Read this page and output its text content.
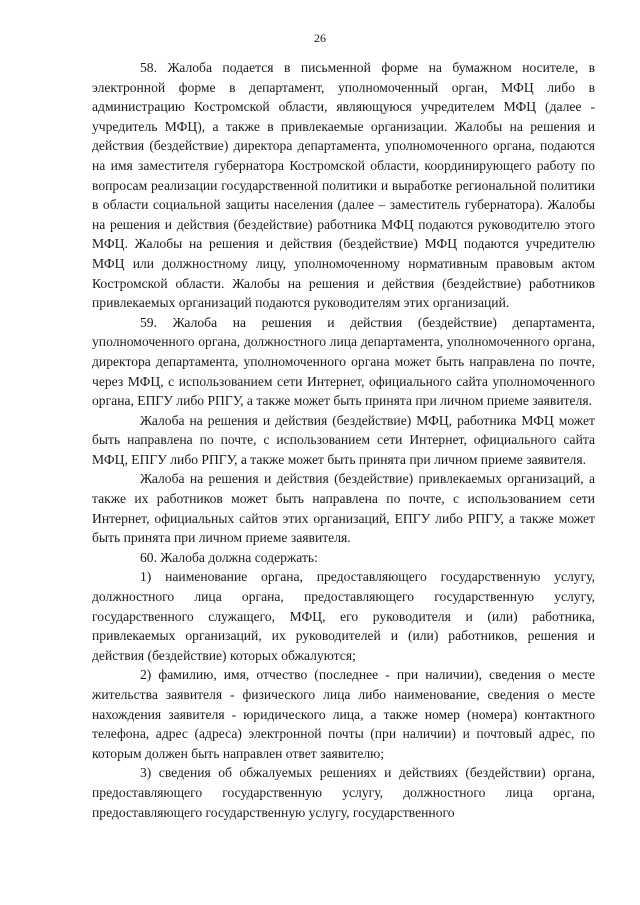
26

58. Жалоба подается в письменной форме на бумажном носителе, в электронной форме в департамент, уполномоченный орган, МФЦ либо в администрацию Костромской области, являющуюся учредителем МФЦ (далее - учредитель МФЦ), а также в привлекаемые организации. Жалобы на решения и действия (бездействие) директора департамента, уполномоченного органа, подаются на имя заместителя губернатора Костромской области, координирующего работу по вопросам реализации государственной политики и выработке региональной политики в области социальной защиты населения (далее – заместитель губернатора). Жалобы на решения и действия (бездействие) работника МФЦ подаются руководителю этого МФЦ. Жалобы на решения и действия (бездействие) МФЦ подаются учредителю МФЦ или должностному лицу, уполномоченному нормативным правовым актом Костромской области. Жалобы на решения и действия (бездействие) работников привлекаемых организаций подаются руководителям этих организаций.

59. Жалоба на решения и действия (бездействие) департамента, уполномоченного органа, должностного лица департамента, уполномоченного органа, директора департамента, уполномоченного органа может быть направлена по почте, через МФЦ, с использованием сети Интернет, официального сайта уполномоченного органа, ЕПГУ либо РПГУ, а также может быть принята при личном приеме заявителя.

Жалоба на решения и действия (бездействие) МФЦ, работника МФЦ может быть направлена по почте, с использованием сети Интернет, официального сайта МФЦ, ЕПГУ либо РПГУ, а также может быть принята при личном приеме заявителя.

Жалоба на решения и действия (бездействие) привлекаемых организаций, а также их работников может быть направлена по почте, с использованием сети Интернет, официальных сайтов этих организаций, ЕПГУ либо РПГУ, а также может быть принята при личном приеме заявителя.

60. Жалоба должна содержать:

1) наименование органа, предоставляющего государственную услугу, должностного лица органа, предоставляющего государственную услугу, государственного служащего, МФЦ, его руководителя и (или) работника, привлекаемых организаций, их руководителей и (или) работников, решения и действия (бездействие) которых обжалуются;

2) фамилию, имя, отчество (последнее - при наличии), сведения о месте жительства заявителя - физического лица либо наименование, сведения о месте нахождения заявителя - юридического лица, а также номер (номера) контактного телефона, адрес (адреса) электронной почты (при наличии) и почтовый адрес, по которым должен быть направлен ответ заявителю;

3) сведения об обжалуемых решениях и действиях (бездействии) органа, предоставляющего государственную услугу, должностного лица органа, предоставляющего государственную услугу, государственного
